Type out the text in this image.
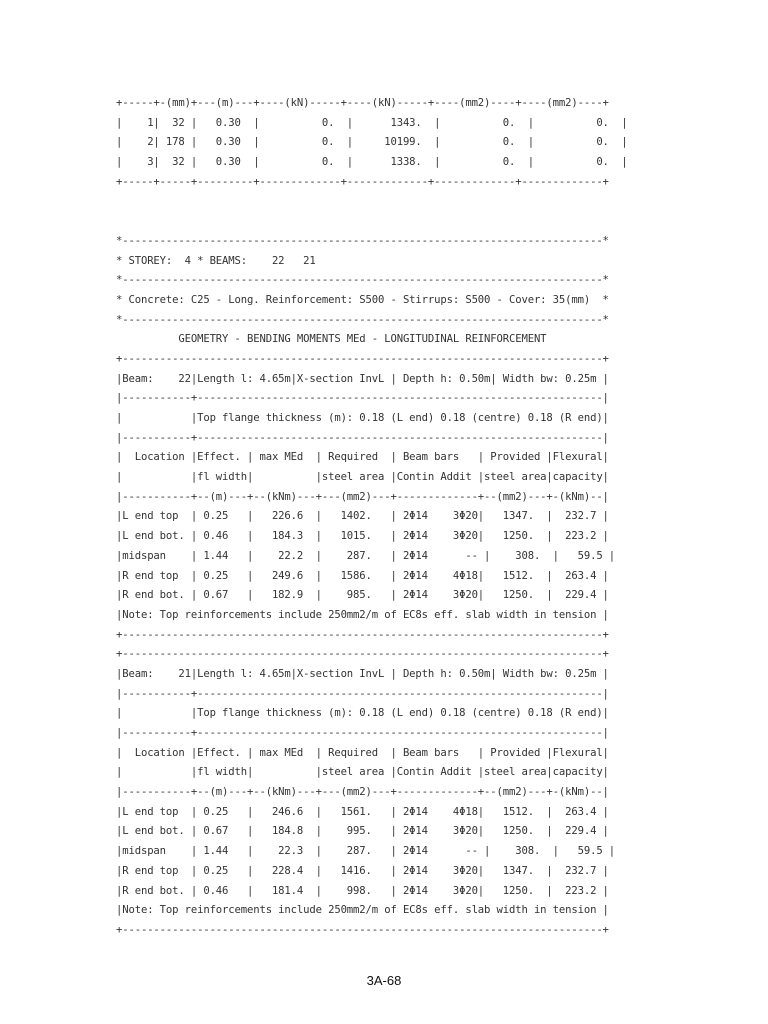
+-----+-(mm)+---(m)---+----(kN)-----+----(kN)-----+----(mm2)----+----(mm2)----+
|    1|  32 |   0.30  |          0.  |      1343.  |          0.  |          0.  |
|    2| 178 |   0.30  |          0.  |     10199.  |          0.  |          0.  |
|    3|  32 |   0.30  |          0.  |      1338.  |          0.  |          0.  |
+-----+-----+---------+-------------+-------------+-------------+-------------+

*-----------------------------------------------------------------------------*
* STOREY:  4 * BEAMS:    22   21
*-----------------------------------------------------------------------------*
* Concrete: C25 - Long. Reinforcement: S500 - Stirrups: S500 - Cover: 35(mm)  *
*-----------------------------------------------------------------------------*
GEOMETRY - BENDING MOMENTS MEd - LONGITUDINAL REINFORCEMENT
+-----------------------------------------------------------------------------+
|Beam:    22|Length l: 4.65m|X-section InvL | Depth h: 0.50m| Width bw: 0.25m |
|-----------+-----------------------------------------------------------------|
|           |Top flange thickness (m): 0.18 (L end) 0.18 (centre) 0.18 (R end)|
|-----------+-----------------------------------------------------------------|
|  Location |Effect. | max MEd  | Required  | Beam bars   | Provided |Flexural|
|           |fl width|          |steel area |Contin Addit |steel area|capacity|
|-----------+--(m)---+--(kNm)---+---(mm2)---+-------------+--(mm2)---+-(kNm)--|
|L end top  | 0.25   |   226.6  |   1402.   | 2Φ14    3Φ20|   1347.  |  232.7 |
|L end bot. | 0.46   |   184.3  |   1015.   | 2Φ14    3Φ20|   1250.  |  223.2 |
|midspan    | 1.44   |    22.2  |    287.   | 2Φ14      -- |    308.  |   59.5 |
|R end top  | 0.25   |   249.6  |   1586.   | 2Φ14    4Φ18|   1512.  |  263.4 |
|R end bot. | 0.67   |   182.9  |    985.   | 2Φ14    3Φ20|   1250.  |  229.4 |
|Note: Top reinforcements include 250mm2/m of EC8s eff. slab width in tension |
+-----------------------------------------------------------------------------+
+-----------------------------------------------------------------------------+
|Beam:    21|Length l: 4.65m|X-section InvL | Depth h: 0.50m| Width bw: 0.25m |
|-----------+-----------------------------------------------------------------|
|           |Top flange thickness (m): 0.18 (L end) 0.18 (centre) 0.18 (R end)|
|-----------+-----------------------------------------------------------------|
|  Location |Effect. | max MEd  | Required  | Beam bars   | Provided |Flexural|
|           |fl width|          |steel area |Contin Addit |steel area|capacity|
|-----------+--(m)---+--(kNm)---+---(mm2)---+-------------+--(mm2)---+-(kNm)--|
|L end top  | 0.25   |   246.6  |   1561.   | 2Φ14    4Φ18|   1512.  |  263.4 |
|L end bot. | 0.67   |   184.8  |    995.   | 2Φ14    3Φ20|   1250.  |  229.4 |
|midspan    | 1.44   |    22.3  |    287.   | 2Φ14      -- |    308.  |   59.5 |
|R end top  | 0.25   |   228.4  |   1416.   | 2Φ14    3Φ20|   1347.  |  232.7 |
|R end bot. | 0.46   |   181.4  |    998.   | 2Φ14    3Φ20|   1250.  |  223.2 |
|Note: Top reinforcements include 250mm2/m of EC8s eff. slab width in tension |
+-----------------------------------------------------------------------------+
3A-68
